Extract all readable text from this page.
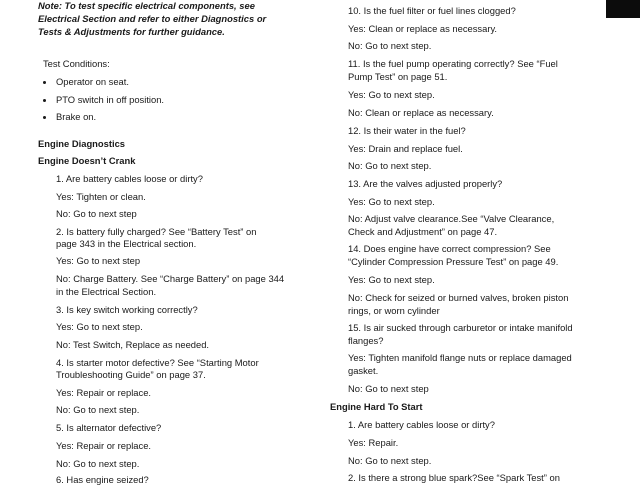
Note: To test specific electrical components, see
Electrical Section and refer to either Diagnostics or
Tests & Adjustments for further guidance.
Test Conditions:
Operator on seat.
PTO switch in off position.
Brake on.
Engine Diagnostics
Engine Doesn’t Crank
1. Are battery cables loose or dirty?
Yes: Tighten or clean.
No: Go to next step
2. Is battery fully charged? See “Battery Test” on
page 343 in the Electrical section.
Yes: Go to next step
No: Charge Battery. See “Charge Battery” on page 344
in the Electrical Section.
3. Is key switch working correctly?
Yes: Go to next step.
No: Test Switch, Replace as needed.
4. Is starter motor defective? See “Starting Motor
Troubleshooting Guide” on page 37.
Yes: Repair or replace.
No: Go to next step.
5. Is alternator defective?
Yes: Repair or replace.
No: Go to next step.
6. Has engine seized?
10. Is the fuel filter or fuel lines clogged?
Yes: Clean or replace as necessary.
No: Go to next step.
11. Is the fuel pump operating correctly? See “Fuel
Pump Test” on page 51.
Yes: Go to next step.
No: Clean or replace as necessary.
12. Is their water in the fuel?
Yes: Drain and replace fuel.
No: Go to next step.
13. Are the valves adjusted properly?
Yes: Go to next step.
No: Adjust valve clearance.See “Valve Clearance,
Check and Adjustment” on page 47.
14. Does engine have correct compression? See
“Cylinder Compression Pressure Test” on page 49.
Yes: Go to next step.
No: Check for seized or burned valves, broken piston
rings, or worn cylinder
15. Is air sucked through carburetor or intake manifold
flanges?
Yes: Tighten manifold flange nuts or replace damaged
gasket.
No: Go to next step
Engine Hard To Start
1. Are battery cables loose or dirty?
Yes: Repair.
No: Go to next step.
2. Is there a strong blue spark?See “Spark Test” on
